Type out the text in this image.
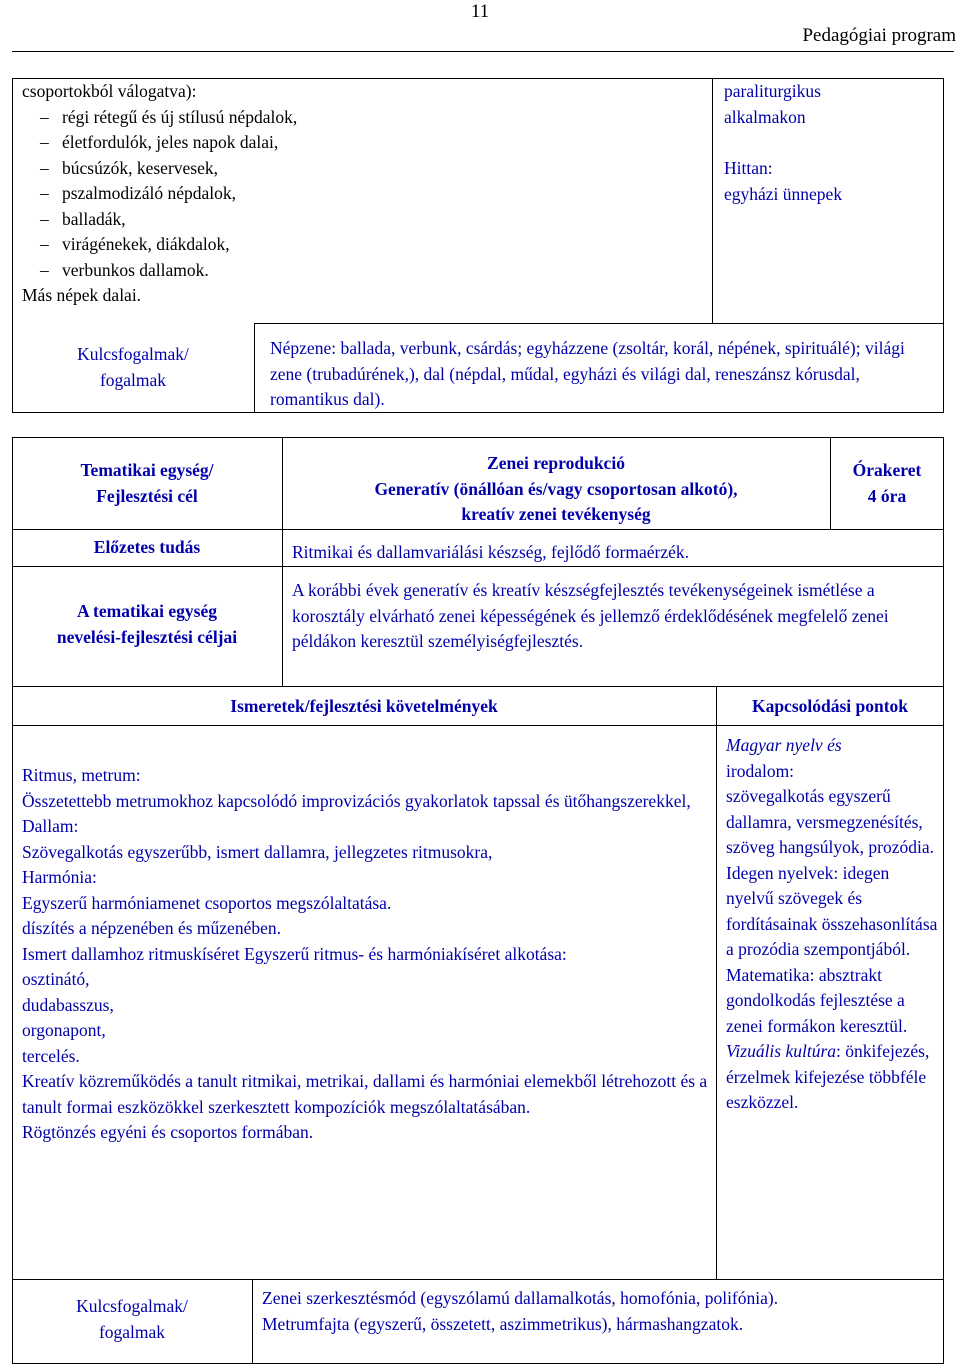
11
Pedagógiai program
csoportokból válogatva):
– régi rétegű és új stílusú népdalok,
– életfordulók, jeles napok dalai,
– búcsúzók, keservesek,
– pszalmodizáló népdalok,
– balladák,
– virágénekek, diákdalok,
– verbunkos dallamok.
Más népek dalai.
paraliturgikus
alkalmakon
Hittan:
egyházi ünnepek
Kulcsfogalmak/
fogalmak
Népzene: ballada, verbunk, csárdás; egyházzene (zsoltár, korál, népének, spirituálé); világi zene (trubadúrének,), dal (népdal, műdal, egyházi és világi dal, reneszánsz kórusdal, romantikus dal).
Tematikai egység/
Fejlesztési cél
Zenei reprodukció
Generatív (önállóan és/vagy csoportosan alkotó),
kreatív zenei tevékenység
Órakeret
4 óra
Előzetes tudás	Ritmikai és dallamvariálási készség, fejlődő formaérzék.
A tematikai egység
nevelési-fejlesztési céljai
A korábbi évek generatív és kreatív készségfejlesztés tevékenységeinek ismétlése a korosztály elvárható zenei képességének és jellemző érdeklődésének megfelelő zenei példákon keresztül személyiségfejlesztés.
Ismeretek/fejlesztési követelmények	Kapcsolódási pontok
Ritmus, metrum:
Összetettebb metrumokhoz kapcsolódó improvizációs gyakorlatok tapssal és ütőhangszerekkel,
Dallam:
Szövegalkotás egyszerűbb, ismert dallamra, jellegzetes ritmusokra,
Harmónia:
Egyszerű harmóniamenet csoportos megszólaltatása.
díszítés a népzenében és műzenében.
Ismert dallamhoz ritmuskíséret Egyszerű ritmus- és harmóniakíséret alkotása:
osztinátó,
dudabasszus,
orgonapont,
tercelés.
Kreatív közreműködés a tanult ritmikai, metrikai, dallami és harmóniai elemekből létrehozott és a tanult formai eszközökkel szerkesztett kompozíciók megszólaltatásában.
Rögtönzés egyéni és csoportos formában.
Magyar nyelv és
irodalom:
szövegalkotás egyszerű dallamra, versmegzenésítés, szöveg hangsúlyok, prozódia.
Idegen nyelvek: idegen nyelvű szövegek és fordításainak összehasonlítása a prozódia szempontjából.
Matematika: absztrakt gondolkodás fejlesztése a zenei formákon keresztül.
Vizuális kultúra: önkifejezés, érzelmek kifejezése többféle eszközzel.
Kulcsfogalmak/
fogalmak
Zenei szerkesztésmód (egyszólamú dallamalkotás, homofónia, polifónia).
Metrumfajta (egyszerű, összetett, aszimmetrikus), hármashangzatok.
